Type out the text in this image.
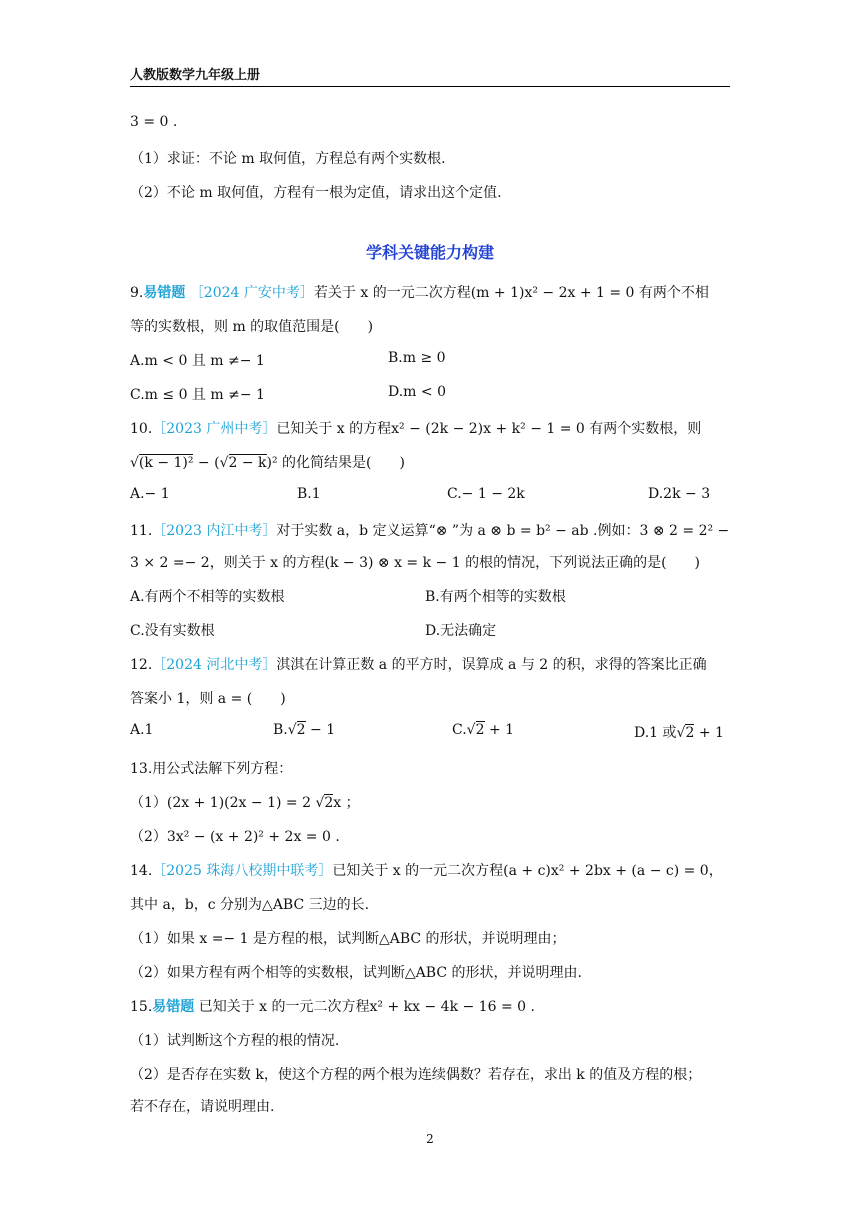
人教版数学九年级上册
3 = 0 .
（1）求证：不论 m 取何值，方程总有两个实数根.
（2）不论 m 取何值，方程有一根为定值，请求出这个定值.
学科关键能力构建
9.易错题 ［2024 广安中考］若关于 x 的一元二次方程(m + 1)x² − 2x + 1 = 0 有两个不相
等的实数根，则 m 的取值范围是(　　)
A.m < 0 且 m ≠− 1	B.m ≥ 0
C.m ≤ 0 且 m ≠− 1	D.m < 0
10.［2023 广州中考］已知关于 x 的方程x² − (2k − 2)x + k² − 1 = 0 有两个实数根，则
√(k − 1)² − (√2 − k)² 的化简结果是(　　)
A.− 1	B.1	C.− 1 − 2k	D.2k − 3
11.［2023 内江中考］对于实数 a，b 定义运算“⊗ ”为 a ⊗ b = b² − ab .例如：3 ⊗ 2 = 2² −
3 × 2 =− 2，则关于 x 的方程(k − 3) ⊗ x = k − 1 的根的情况，下列说法正确的是(　　)
A.有两个不相等的实数根	B.有两个相等的实数根
C.没有实数根	D.无法确定
12.［2024 河北中考］淇淇在计算正数 a 的平方时，误算成 a 与 2 的积，求得的答案比正确
答案小 1，则 a = (　　)
A.1	B.√2 − 1	C.√2 + 1	D.1 或√2 + 1
13.用公式法解下列方程：
（1）(2x + 1)(2x − 1) = 2 √2x ；
（2）3x² − (x + 2)² + 2x = 0 .
14.［2025 珠海八校期中联考］已知关于 x 的一元二次方程(a + c)x² + 2bx + (a − c) = 0，
其中 a，b，c 分别为△ABC 三边的长.
（1）如果 x =− 1 是方程的根，试判断△ABC 的形状，并说明理由；
（2）如果方程有两个相等的实数根，试判断△ABC 的形状，并说明理由.
15.易错题 已知关于 x 的一元二次方程x² + kx − 4k − 16 = 0 .
（1）试判断这个方程的根的情况.
（2）是否存在实数 k，使这个方程的两个根为连续偶数？若存在，求出 k 的值及方程的根；
若不存在，请说明理由.
2
